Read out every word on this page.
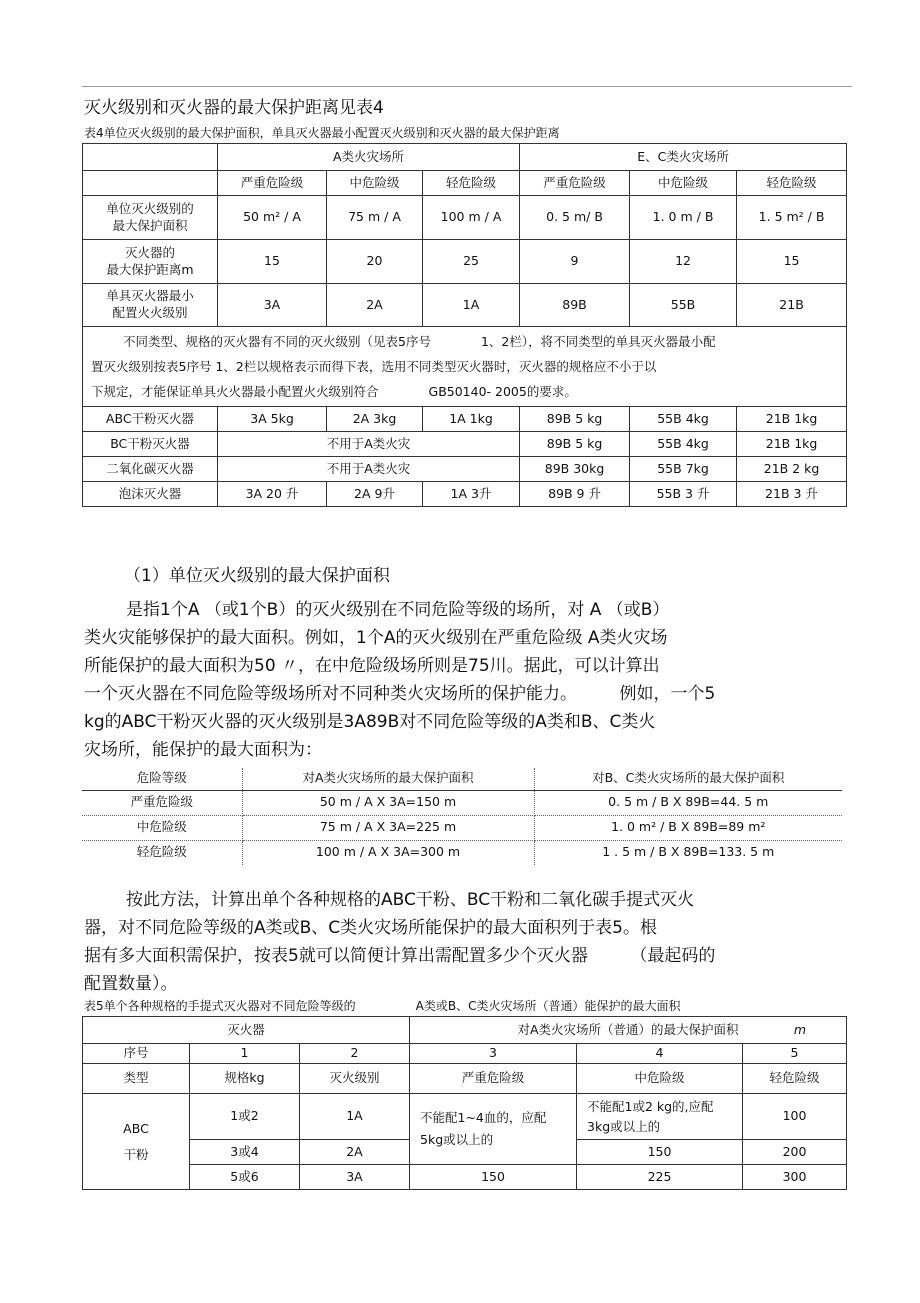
灭火级别和灭火器的最大保护距离见表4
表4单位灭火级别的最大保护面积，单具灭火器最小配置灭火级别和灭火器的最大保护距离
	A类火灾场所			E、C类火灾场所		
	严重危险级	中危险级	轻危险级	严重危险级	中危险级	轻危险级

单位灭火级别的
最大保护面积	50 m² / A	75 m / A	100 m / A	0. 5 m/ B	1. 0 m / B	1. 5 m² / B

灭火器的
最大保护距离m	15	20	25	9	12	15

单具灭火器最小
配置火火级别	3A	2A	1A	89B	55B	21B

不同类型、规格的灭火器有不同的灭火级别（见表5序号　　　　1、2栏），将不同类型的单具灭火器最小配
置灭火级别按表5序号 1、2栏以规格表示而得下表，选用不同类型灭火器时，灭火器的规格应不小于以
下规定，才能保证单具火火器最小配置火火级别符合　　　　GB50140- 2005的要求。						

ABC干粉灭火器	3A 5kg	2A 3kg	1A 1kg	89B 5 kg	55B 4kg	21B 1kg
BC干粉灭火器	不用于A类火灾			89B 5 kg	55B 4kg	21B 1kg
二氧化碳灭火器	不用于A类火灾			89B 30kg	55B 7kg	21B 2 kg
泡沫灭火器	3A 20 升	2A 9升	1A 3升	89B 9 升	55B 3 升	21B 3 升
（1）单位灭火级别的最大保护面积
是指1个A （或1个B）的灭火级别在不同危险等级的场所，对 A （或B）
类火灾能够保护的最大面积。例如，1个A的灭火级别在严重危险级 A类火灾场
所能保护的最大面积为50 〃，在中危险级场所则是75川。据此，可以计算出
一个灭火器在不同危险等级场所对不同种类火灾场所的保护能力。　　　例如，一个5
kg的ABC干粉灭火器的灭火级别是3A89B对不同危险等级的A类和B、C类火
灾场所，能保护的最大面积为：
危险等级	对A类火灾场所的最大保护面积	对B、C类火灾场所的最大保护面积
严重危险级	50 m / A X 3A=150 m	0. 5 m / B X 89B=44. 5 m
中危险级	75 m / A X 3A=225 m	1. 0 m² / B X 89B=89 m²
轻危险级	100 m / A X 3A=300 m	1 . 5 m / B X 89B=133. 5 m
按此方法，计算出单个各种规格的ABC干粉、BC干粉和二氧化碳手提式灭火
器，对不同危险等级的A类或B、C类火灾场所能保护的最大面积列于表5。根
据有多大面积需保护，按表5就可以简便计算出需配置多少个灭火器　　　（最起码的
配置数量）。
表5单个各种规格的手提式灭火器对不同危险等级的　　　　　A类或B、C类火灾场所（普通）能保护的最大面积
灭火器			对A类火灾场所（普通）的最大保护面积 m		

序号	1	2	3	4	5
类型	规格kg	灭火级别	严重危险级	中危险级	轻危险级

ABC
干粉	1或2	1A	不能配1~4血的，应配5kg或以上的	不能配1或2 kg的,应配3kg或以上的	100
	3或4	2A		150	200
	5或6	3A	150	225	300
